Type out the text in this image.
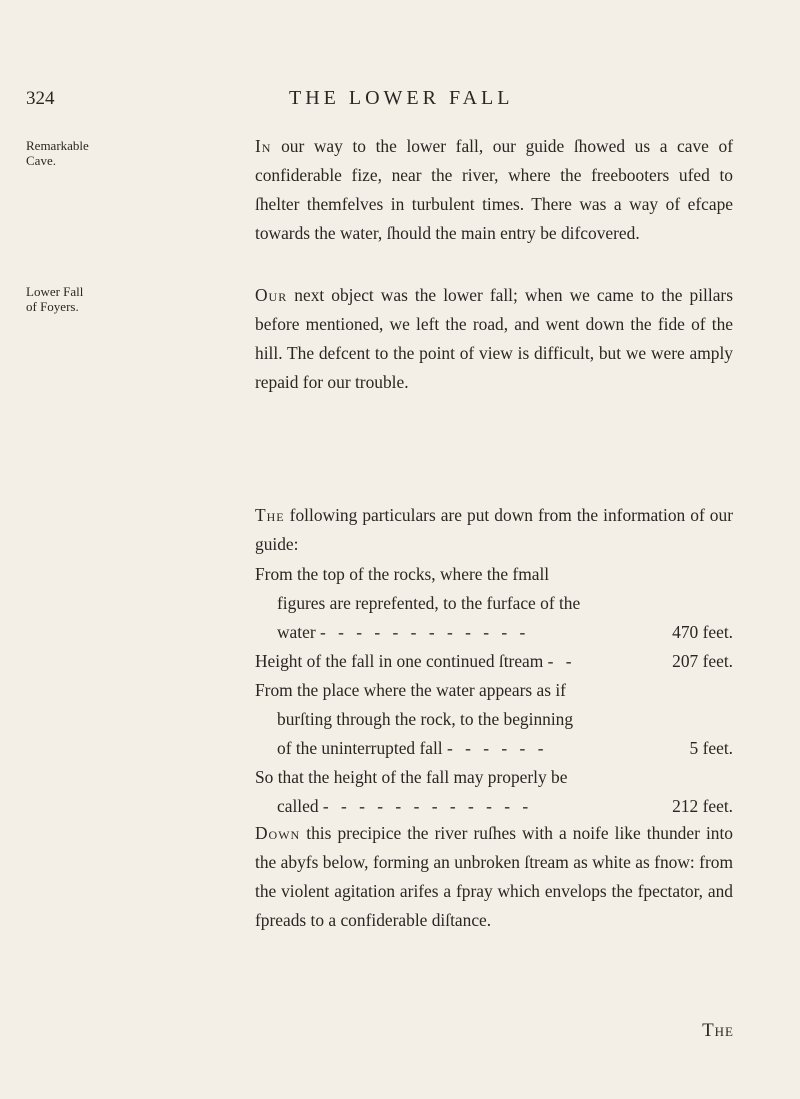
324	THE LOWER FALL
Remarkable
Cave.
Lower Fall
of Foyers.
In our way to the lower fall, our guide ſhowed us a cave of confiderable fize, near the river, where the freebooters ufed to ſhelter themfelves in turbulent times. There was a way of efcape towards the water, ſhould the main entry be difcovered.
Our next object was the lower fall; when we came to the pillars before mentioned, we left the road, and went down the fide of the hill. The defcent to the point of view is difficult, but we were amply repaid for our trouble.
The following particulars are put down from the information of our guide:
From the top of the rocks, where the fmall
figures are reprefented, to the furface of the
water - - - - - - - - - - - -	470 feet.
Height of the fall in one continued ſtream - -	207 feet.
From the place where the water appears as if
burſting through the rock, to the beginning
of the uninterrupted fall - - - - - -	5 feet.
So that the height of the fall may properly be
called - - - - - - - - - - - -	212 feet.
Down this precipice the river ruſhes with a noife like thunder into the abyfs below, forming an unbroken ſtream as white as fnow: from the violent agitation arifes a fpray which envelops the fpectator, and fpreads to a confiderable diſtance.
The
